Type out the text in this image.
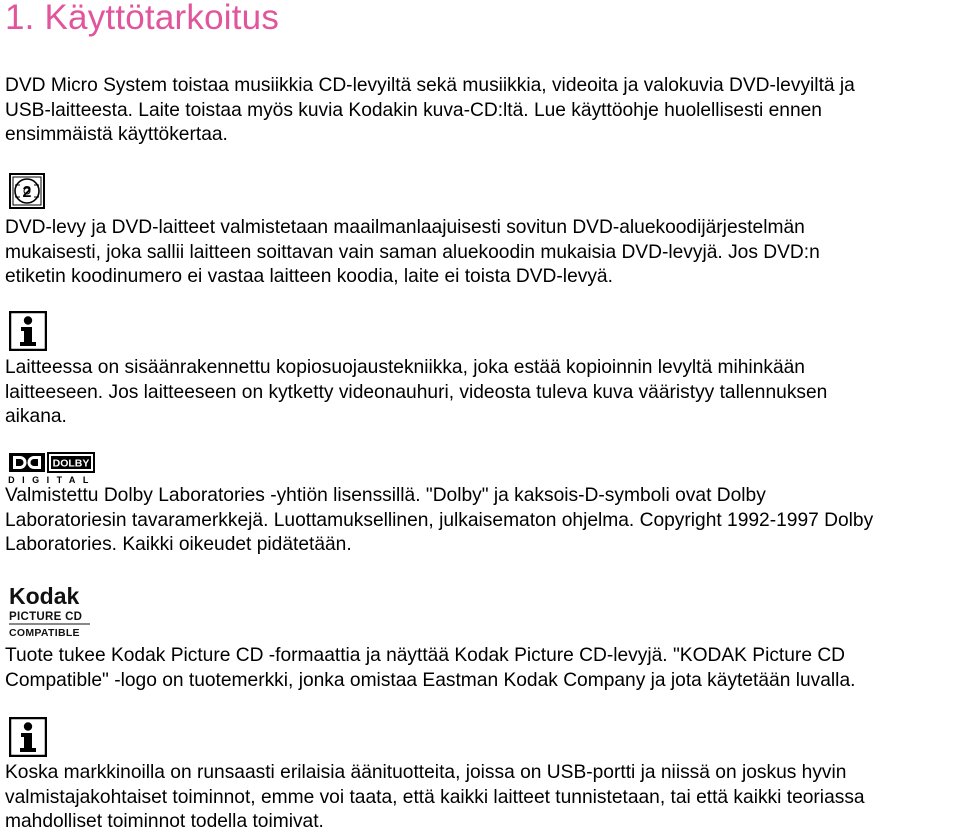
1. Käyttötarkoitus

DVD Micro System toistaa musiikkia CD-levyiltä sekä musiikkia, videoita ja valokuvia DVD-levyiltä ja
USB-laitteesta. Laite toistaa myös kuvia Kodakin kuva-CD:ltä. Lue käyttöohje huolellisesti ennen
ensimmäistä käyttökertaa.

2

DVD-levy ja DVD-laitteet valmistetaan maailmanlaajuisesti sovitun DVD-aluekoodijärjestelmän
mukaisesti, joka sallii laitteen soittavan vain saman aluekoodin mukaisia DVD-levyjä. Jos DVD:n
etiketin koodinumero ei vastaa laitteen koodia, laite ei toista DVD-levyä.

Laitteessa on sisäänrakennettu kopiosuojaustekniikka, joka estää kopioinnin levyltä mihinkään
laitteeseen. Jos laitteeseen on kytketty videonauhuri, videosta tuleva kuva vääristyy tallennuksen
aikana.

DOLBY
DIGITAL

Valmistettu Dolby Laboratories -yhtiön lisenssillä. "Dolby" ja kaksois-D-symboli ovat Dolby
Laboratoriesin tavaramerkkejä. Luottamuksellinen, julkaisematon ohjelma. Copyright 1992-1997 Dolby
Laboratories. Kaikki oikeudet pidätetään.

Kodak
PICTURE CD
COMPATIBLE

Tuote tukee Kodak Picture CD -formaattia ja näyttää Kodak Picture CD-levyjä. "KODAK Picture CD
Compatible" -logo on tuotemerkki, jonka omistaa Eastman Kodak Company ja jota käytetään luvalla.

Koska markkinoilla on runsaasti erilaisia äänituotteita, joissa on USB-portti ja niissä on joskus hyvin
valmistajakohtaiset toiminnot, emme voi taata, että kaikki laitteet tunnistetaan, tai että kaikki teoriassa
mahdolliset toiminnot todella toimivat.
